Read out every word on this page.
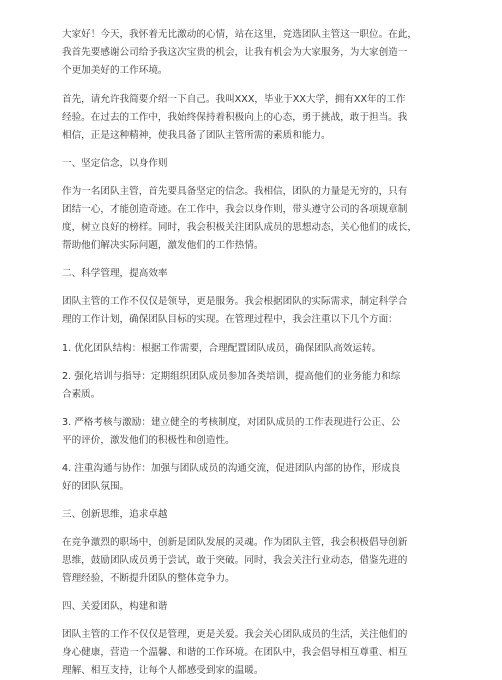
大家好！今天，我怀着无比激动的心情，站在这里，竞选团队主管这一职位。在此，
我首先要感谢公司给予我这次宝贵的机会，让我有机会为大家服务，为大家创造一
个更加美好的工作环境。
首先，请允许我简要介绍一下自己。我叫XXX，毕业于XX大学，拥有XX年的工作
经验。在过去的工作中，我始终保持着积极向上的心态，勇于挑战，敢于担当。我
相信，正是这种精神，使我具备了团队主管所需的素质和能力。
一、坚定信念，以身作则
作为一名团队主管，首先要具备坚定的信念。我相信，团队的力量是无穷的，只有
团结一心，才能创造奇迹。在工作中，我会以身作则，带头遵守公司的各项规章制
度，树立良好的榜样。同时，我会积极关注团队成员的思想动态，关心他们的成长，
帮助他们解决实际问题，激发他们的工作热情。
二、科学管理，提高效率
团队主管的工作不仅仅是领导，更是服务。我会根据团队的实际需求，制定科学合
理的工作计划，确保团队目标的实现。在管理过程中，我会注重以下几个方面：
1. 优化团队结构：根据工作需要，合理配置团队成员，确保团队高效运转。
2. 强化培训与指导：定期组织团队成员参加各类培训，提高他们的业务能力和综
合素质。
3. 严格考核与激励：建立健全的考核制度，对团队成员的工作表现进行公正、公
平的评价，激发他们的积极性和创造性。
4. 注重沟通与协作：加强与团队成员的沟通交流，促进团队内部的协作，形成良
好的团队氛围。
三、创新思维，追求卓越
在竞争激烈的职场中，创新是团队发展的灵魂。作为团队主管，我会积极倡导创新
思维，鼓励团队成员勇于尝试，敢于突破。同时，我会关注行业动态，借鉴先进的
管理经验，不断提升团队的整体竞争力。
四、关爱团队，构建和谐
团队主管的工作不仅仅是管理，更是关爱。我会关心团队成员的生活，关注他们的
身心健康，营造一个温馨、和谐的工作环境。在团队中，我会倡导相互尊重、相互
理解、相互支持，让每个人都感受到家的温暖。
